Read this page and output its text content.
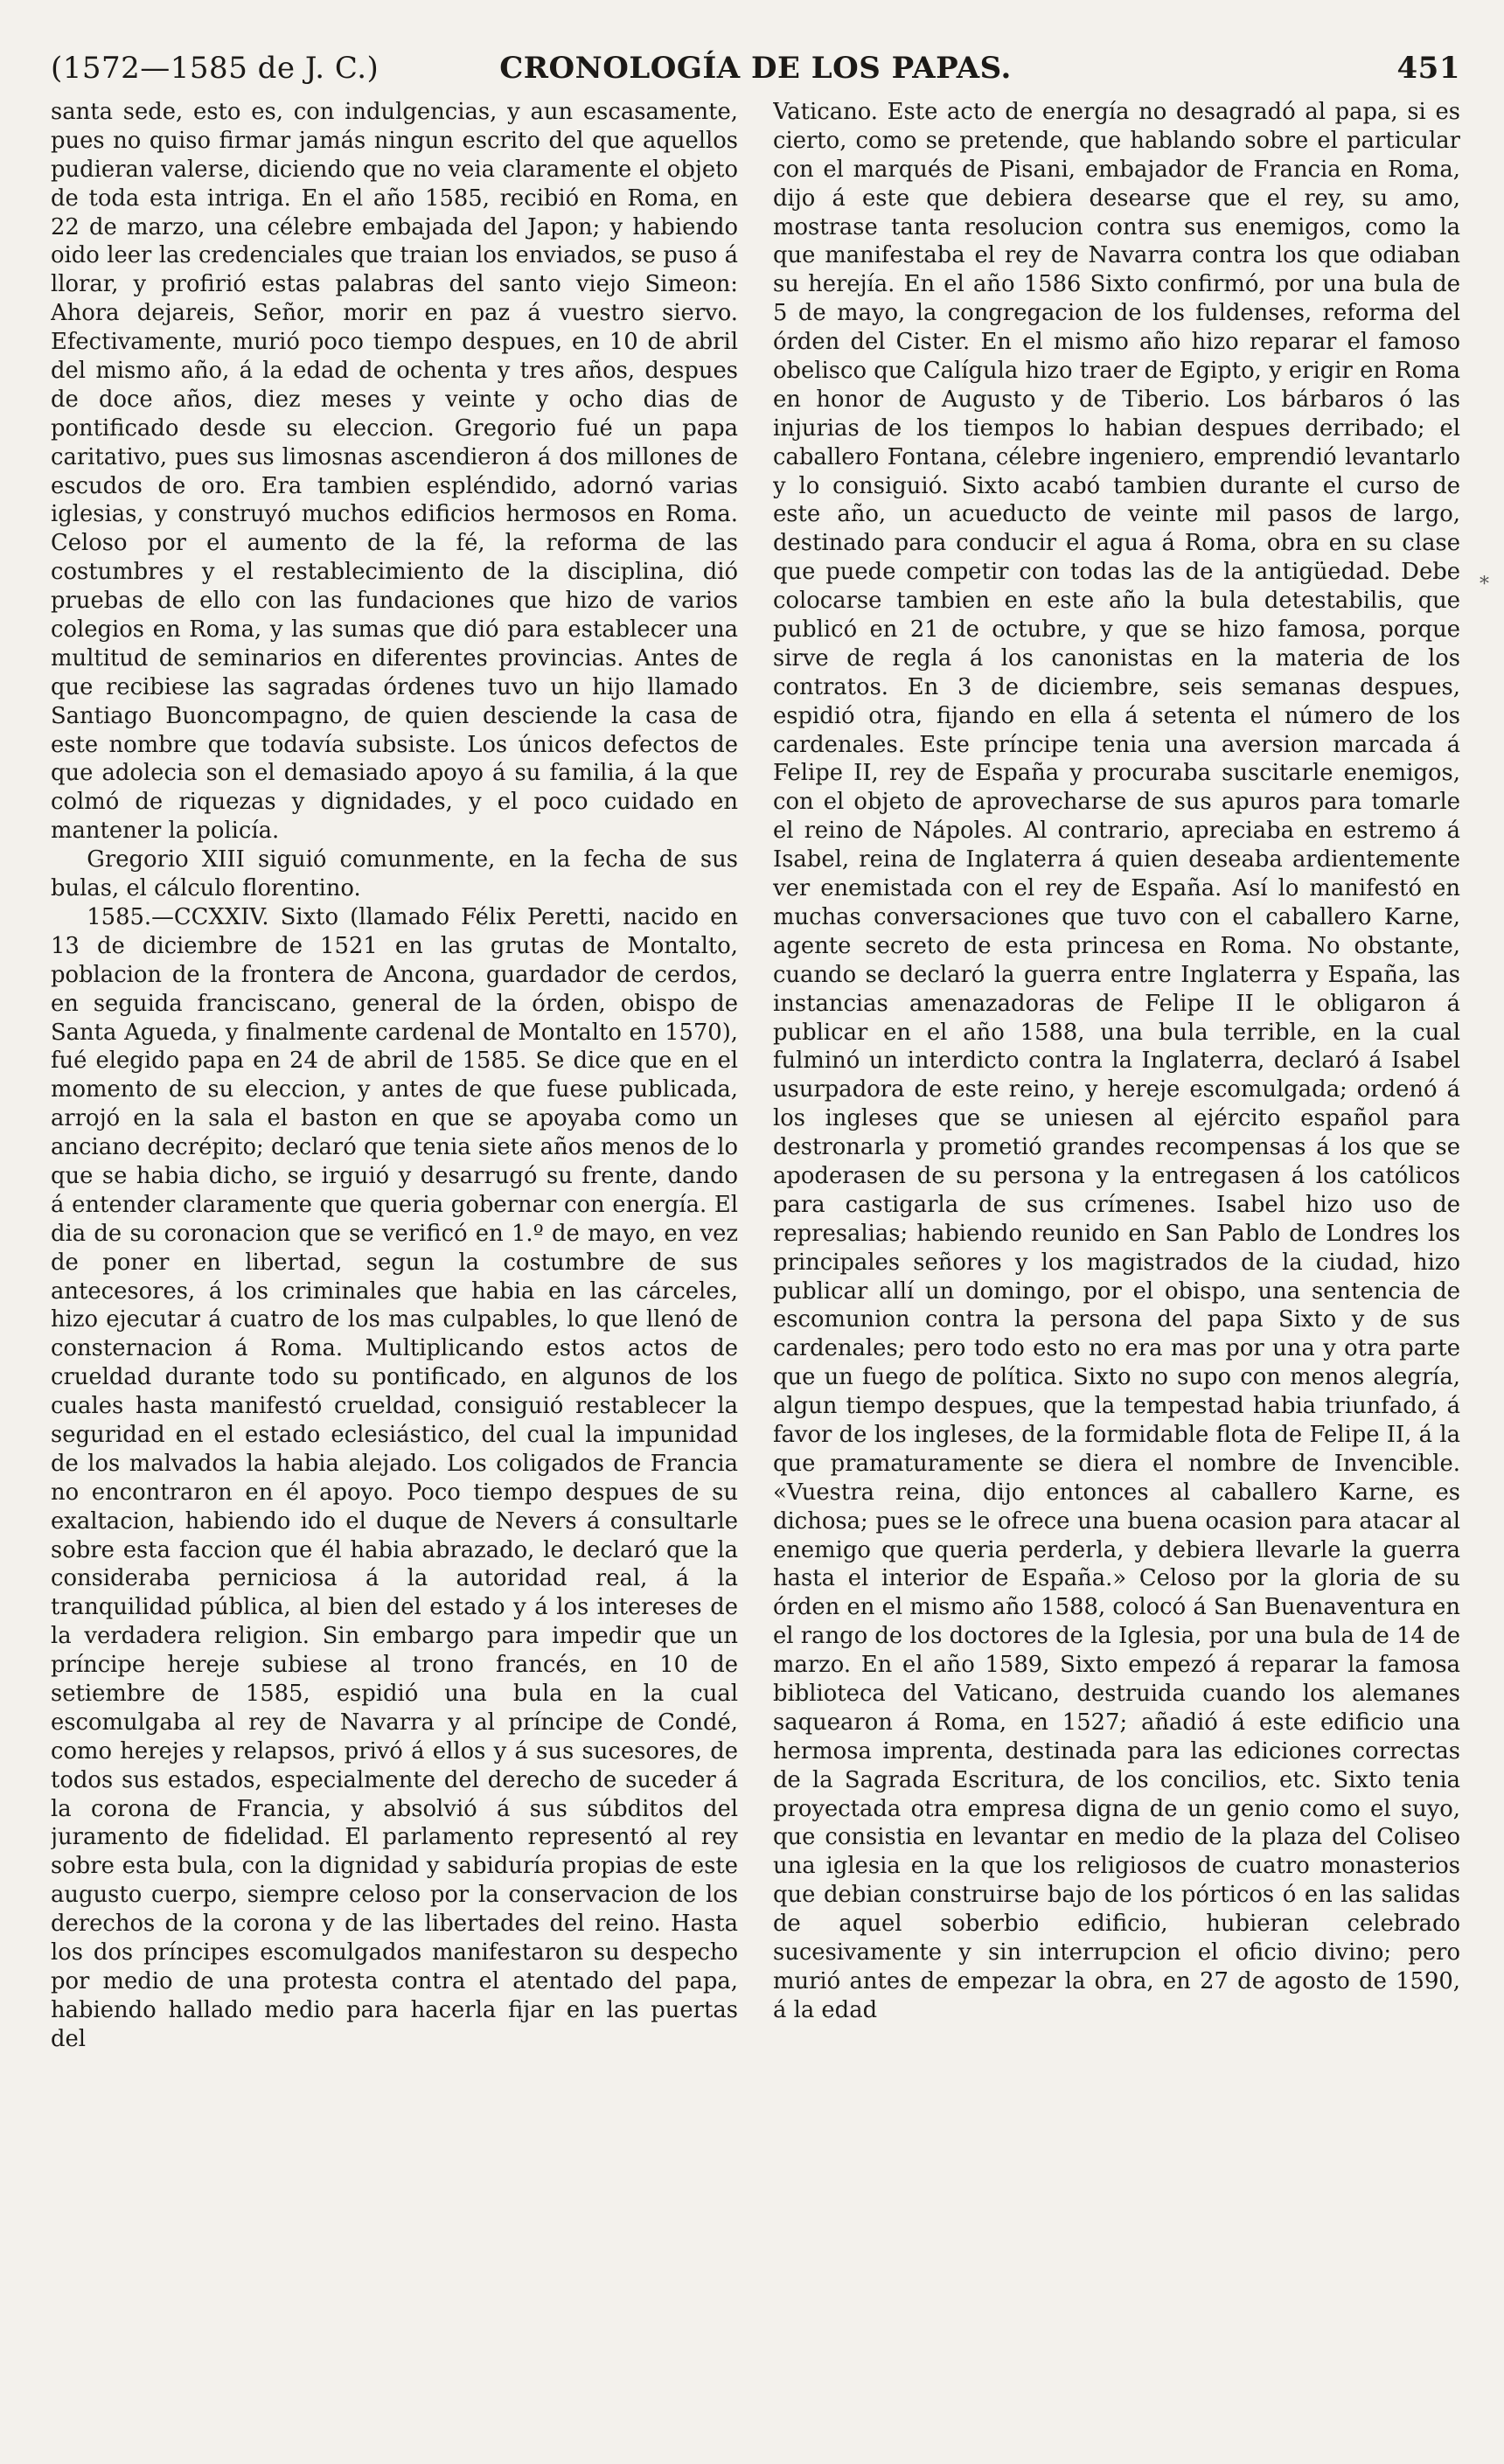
(1572—1585 de J. C.)	CRONOLOGÍA DE LOS PAPAS.	451

santa sede, esto es, con indulgencias, y aun escasamente, pues no quiso firmar jamás ningun escrito del que aquellos pudieran valerse, diciendo que no veia claramente el objeto de toda esta intriga. En el año 1585, recibió en Roma, en 22 de marzo, una célebre embajada del Japon; y habiendo oido leer las credenciales que traian los enviados, se puso á llorar, y profirió estas palabras del santo viejo Simeon: Ahora dejareis, Señor, morir en paz á vuestro siervo. Efectivamente, murió poco tiempo despues, en 10 de abril del mismo año, á la edad de ochenta y tres años, despues de doce años, diez meses y veinte y ocho dias de pontificado desde su eleccion. Gregorio fué un papa caritativo, pues sus limosnas ascendieron á dos millones de escudos de oro. Era tambien espléndido, adornó varias iglesias, y construyó muchos edificios hermosos en Roma. Celoso por el aumento de la fé, la reforma de las costumbres y el restablecimiento de la disciplina, dió pruebas de ello con las fundaciones que hizo de varios colegios en Roma, y las sumas que dió para establecer una multitud de seminarios en diferentes provincias. Antes de que recibiese las sagradas órdenes tuvo un hijo llamado Santiago Buoncompagno, de quien desciende la casa de este nombre que todavía subsiste. Los únicos defectos de que adolecia son el demasiado apoyo á su familia, á la que colmó de riquezas y dignidades, y el poco cuidado en mantener la policía.

Gregorio XIII siguió comunmente, en la fecha de sus bulas, el cálculo florentino.

1585.—CCXXIV. Sixto (llamado Félix Peretti, nacido en 13 de diciembre de 1521 en las grutas de Montalto, poblacion de la frontera de Ancona, guardador de cerdos, en seguida franciscano, general de la órden, obispo de Santa Agueda, y finalmente cardenal de Montalto en 1570), fué elegido papa en 24 de abril de 1585. Se dice que en el momento de su eleccion, y antes de que fuese publicada, arrojó en la sala el baston en que se apoyaba como un anciano decrépito; declaró que tenia siete años menos de lo que se habia dicho, se irguió y desarrugó su frente, dando á entender claramente que queria gobernar con energía. El dia de su coronacion que se verificó en 1.º de mayo, en vez de poner en libertad, segun la costumbre de sus antecesores, á los criminales que habia en las cárceles, hizo ejecutar á cuatro de los mas culpables, lo que llenó de consternacion á Roma. Multiplicando estos actos de crueldad durante todo su pontificado, en algunos de los cuales hasta manifestó crueldad, consiguió restablecer la seguridad en el estado eclesiástico, del cual la impunidad de los malvados la habia alejado. Los coligados de Francia no encontraron en él apoyo. Poco tiempo despues de su exaltacion, habiendo ido el duque de Nevers á consultarle sobre esta faccion que él habia abrazado, le declaró que la consideraba perniciosa á la autoridad real, á la tranquilidad pública, al bien del estado y á los intereses de la verdadera religion. Sin embargo para impedir que un príncipe hereje subiese al trono francés, en 10 de setiembre de 1585, espidió una bula en la cual escomulgaba al rey de Navarra y al príncipe de Condé, como herejes y relapsos, privó á ellos y á sus sucesores, de todos sus estados, especialmente del derecho de suceder á la corona de Francia, y absolvió á sus súbditos del juramento de fidelidad. El parlamento representó al rey sobre esta bula, con la dignidad y sabiduría propias de este augusto cuerpo, siempre celoso por la conservacion de los derechos de la corona y de las libertades del reino. Hasta los dos príncipes escomulgados manifestaron su despecho por medio de una protesta contra el atentado del papa, habiendo hallado medio para hacerla fijar en las puertas del

Vaticano. Este acto de energía no desagradó al papa, si es cierto, como se pretende, que hablando sobre el particular con el marqués de Pisani, embajador de Francia en Roma, dijo á este que debiera desearse que el rey, su amo, mostrase tanta resolucion contra sus enemigos, como la que manifestaba el rey de Navarra contra los que odiaban su herejía. En el año 1586 Sixto confirmó, por una bula de 5 de mayo, la congregacion de los fuldenses, reforma del órden del Cister. En el mismo año hizo reparar el famoso obelisco que Calígula hizo traer de Egipto, y erigir en Roma en honor de Augusto y de Tiberio. Los bárbaros ó las injurias de los tiempos lo habian despues derribado; el caballero Fontana, célebre ingeniero, emprendió levantarlo y lo consiguió. Sixto acabó tambien durante el curso de este año, un acueducto de veinte mil pasos de largo, destinado para conducir el agua á Roma, obra en su clase que puede competir con todas las de la antigüedad. Debe colocarse tambien en este año la bula detestabilis, que publicó en 21 de octubre, y que se hizo famosa, porque sirve de regla á los canonistas en la materia de los contratos. En 3 de diciembre, seis semanas despues, espidió otra, fijando en ella á setenta el número de los cardenales. Este príncipe tenia una aversion marcada á Felipe II, rey de España y procuraba suscitarle enemigos, con el objeto de aprovecharse de sus apuros para tomarle el reino de Nápoles. Al contrario, apreciaba en estremo á Isabel, reina de Inglaterra á quien deseaba ardientemente ver enemistada con el rey de España. Así lo manifestó en muchas conversaciones que tuvo con el caballero Karne, agente secreto de esta princesa en Roma. No obstante, cuando se declaró la guerra entre Inglaterra y España, las instancias amenazadoras de Felipe II le obligaron á publicar en el año 1588, una bula terrible, en la cual fulminó un interdicto contra la Inglaterra, declaró á Isabel usurpadora de este reino, y hereje escomulgada; ordenó á los ingleses que se uniesen al ejército español para destronarla y prometió grandes recompensas á los que se apoderasen de su persona y la entregasen á los católicos para castigarla de sus crímenes. Isabel hizo uso de represalias; habiendo reunido en San Pablo de Londres los principales señores y los magistrados de la ciudad, hizo publicar allí un domingo, por el obispo, una sentencia de escomunion contra la persona del papa Sixto y de sus cardenales; pero todo esto no era mas por una y otra parte que un fuego de política. Sixto no supo con menos alegría, algun tiempo despues, que la tempestad habia triunfado, á favor de los ingleses, de la formidable flota de Felipe II, á la que pramaturamente se diera el nombre de Invencible. «Vuestra reina, dijo entonces al caballero Karne, es dichosa; pues se le ofrece una buena ocasion para atacar al enemigo que queria perderla, y debiera llevarle la guerra hasta el interior de España.» Celoso por la gloria de su órden en el mismo año 1588, colocó á San Buenaventura en el rango de los doctores de la Iglesia, por una bula de 14 de marzo. En el año 1589, Sixto empezó á reparar la famosa biblioteca del Vaticano, destruida cuando los alemanes saquearon á Roma, en 1527; añadió á este edificio una hermosa imprenta, destinada para las ediciones correctas de la Sagrada Escritura, de los concilios, etc. Sixto tenia proyectada otra empresa digna de un genio como el suyo, que consistia en levantar en medio de la plaza del Coliseo una iglesia en la que los religiosos de cuatro monasterios que debian construirse bajo de los pórticos ó en las salidas de aquel soberbio edificio, hubieran celebrado sucesivamente y sin interrupcion el oficio divino; pero murió antes de empezar la obra, en 27 de agosto de 1590, á la edad

*
